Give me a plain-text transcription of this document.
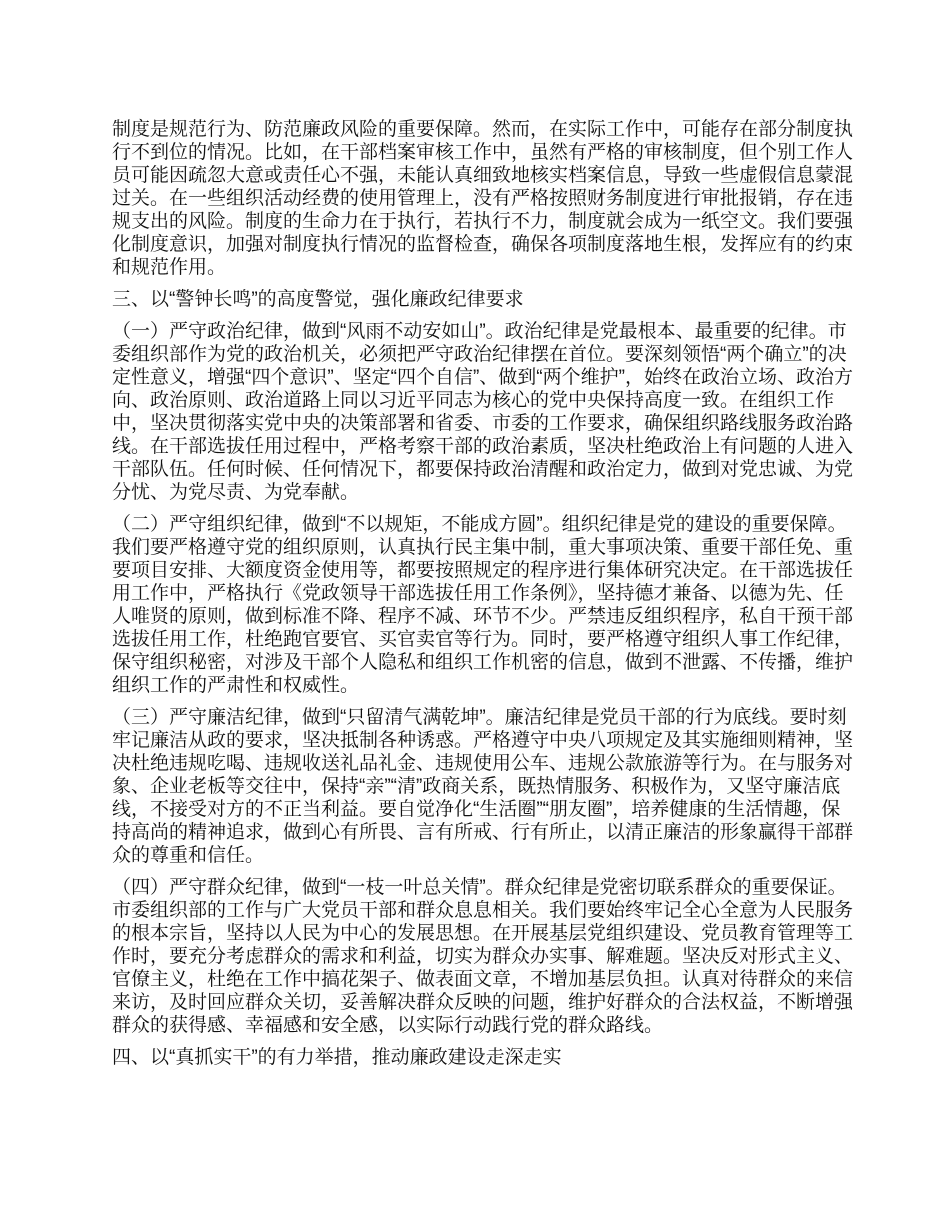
制度是规范行为、防范廉政风险的重要保障。然而，在实际工作中，可能存在部分制度执行不到位的情况。比如，在干部档案审核工作中，虽然有严格的审核制度，但个别工作人员可能因疏忽大意或责任心不强，未能认真细致地核实档案信息，导致一些虚假信息蒙混过关。在一些组织活动经费的使用管理上，没有严格按照财务制度进行审批报销，存在违规支出的风险。制度的生命力在于执行，若执行不力，制度就会成为一纸空文。我们要强化制度意识，加强对制度执行情况的监督检查，确保各项制度落地生根，发挥应有的约束和规范作用。

三、以“警钟长鸣”的高度警觉，强化廉政纪律要求

（一）严守政治纪律，做到“风雨不动安如山”。政治纪律是党最根本、最重要的纪律。市委组织部作为党的政治机关，必须把严守政治纪律摆在首位。要深刻领悟“两个确立”的决定性意义，增强“四个意识”、坚定“四个自信”、做到“两个维护”，始终在政治立场、政治方向、政治原则、政治道路上同以习近平同志为核心的党中央保持高度一致。在组织工作中，坚决贯彻落实党中央的决策部署和省委、市委的工作要求，确保组织路线服务政治路线。在干部选拔任用过程中，严格考察干部的政治素质，坚决杜绝政治上有问题的人进入干部队伍。任何时候、任何情况下，都要保持政治清醒和政治定力，做到对党忠诚、为党分忧、为党尽责、为党奉献。

（二）严守组织纪律，做到“不以规矩，不能成方圆”。组织纪律是党的建设的重要保障。我们要严格遵守党的组织原则，认真执行民主集中制，重大事项决策、重要干部任免、重要项目安排、大额度资金使用等，都要按照规定的程序进行集体研究决定。在干部选拔任用工作中，严格执行《党政领导干部选拔任用工作条例》，坚持德才兼备、以德为先、任人唯贤的原则，做到标准不降、程序不减、环节不少。严禁违反组织程序，私自干预干部选拔任用工作，杜绝跑官要官、买官卖官等行为。同时，要严格遵守组织人事工作纪律，保守组织秘密，对涉及干部个人隐私和组织工作机密的信息，做到不泄露、不传播，维护组织工作的严肃性和权威性。

（三）严守廉洁纪律，做到“只留清气满乾坤”。廉洁纪律是党员干部的行为底线。要时刻牢记廉洁从政的要求，坚决抵制各种诱惑。严格遵守中央八项规定及其实施细则精神，坚决杜绝违规吃喝、违规收送礼品礼金、违规使用公车、违规公款旅游等行为。在与服务对象、企业老板等交往中，保持“亲”“清”政商关系，既热情服务、积极作为，又坚守廉洁底线，不接受对方的不正当利益。要自觉净化“生活圈”“朋友圈”，培养健康的生活情趣，保持高尚的精神追求，做到心有所畏、言有所戒、行有所止，以清正廉洁的形象赢得干部群众的尊重和信任。

（四）严守群众纪律，做到“一枝一叶总关情”。群众纪律是党密切联系群众的重要保证。市委组织部的工作与广大党员干部和群众息息相关。我们要始终牢记全心全意为人民服务的根本宗旨，坚持以人民为中心的发展思想。在开展基层党组织建设、党员教育管理等工作时，要充分考虑群众的需求和利益，切实为群众办实事、解难题。坚决反对形式主义、官僚主义，杜绝在工作中搞花架子、做表面文章，不增加基层负担。认真对待群众的来信来访，及时回应群众关切，妥善解决群众反映的问题，维护好群众的合法权益，不断增强群众的获得感、幸福感和安全感，以实际行动践行党的群众路线。

四、以“真抓实干”的有力举措，推动廉政建设走深走实
